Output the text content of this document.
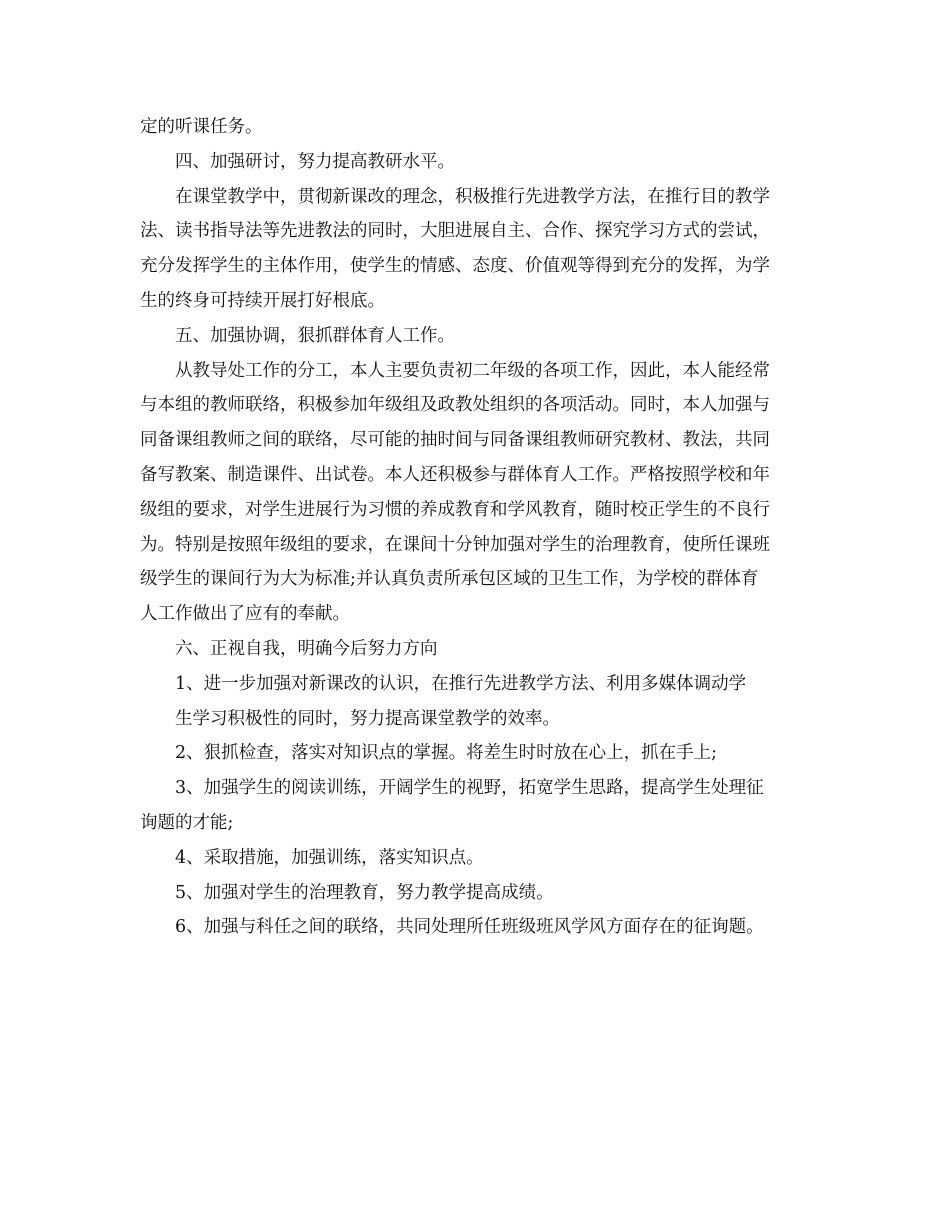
定的听课任务。
四、加强研讨，努力提高教研水平。
在课堂教学中，贯彻新课改的理念，积极推行先进教学方法，在推行目的教学
法、读书指导法等先进教法的同时，大胆进展自主、合作、探究学习方式的尝试，
充分发挥学生的主体作用，使学生的情感、态度、价值观等得到充分的发挥，为学
生的终身可持续开展打好根底。
五、加强协调，狠抓群体育人工作。
从教导处工作的分工，本人主要负责初二年级的各项工作，因此，本人能经常
与本组的教师联络，积极参加年级组及政教处组织的各项活动。同时，本人加强与
同备课组教师之间的联络，尽可能的抽时间与同备课组教师研究教材、教法，共同
备写教案、制造课件、出试卷。本人还积极参与群体育人工作。严格按照学校和年
级组的要求，对学生进展行为习惯的养成教育和学风教育，随时校正学生的不良行
为。特别是按照年级组的要求，在课间十分钟加强对学生的治理教育，使所任课班
级学生的课间行为大为标准;并认真负责所承包区域的卫生工作，为学校的群体育
人工作做出了应有的奉献。
六、正视自我，明确今后努力方向
1、进一步加强对新课改的认识，在推行先进教学方法、利用多媒体调动学
生学习积极性的同时，努力提高课堂教学的效率。
2、狠抓检查，落实对知识点的掌握。将差生时时放在心上，抓在手上;
3、加强学生的阅读训练，开阔学生的视野，拓宽学生思路，提高学生处理征
询题的才能;
4、采取措施，加强训练，落实知识点。
5、加强对学生的治理教育，努力教学提高成绩。
6、加强与科任之间的联络，共同处理所任班级班风学风方面存在的征询题。
